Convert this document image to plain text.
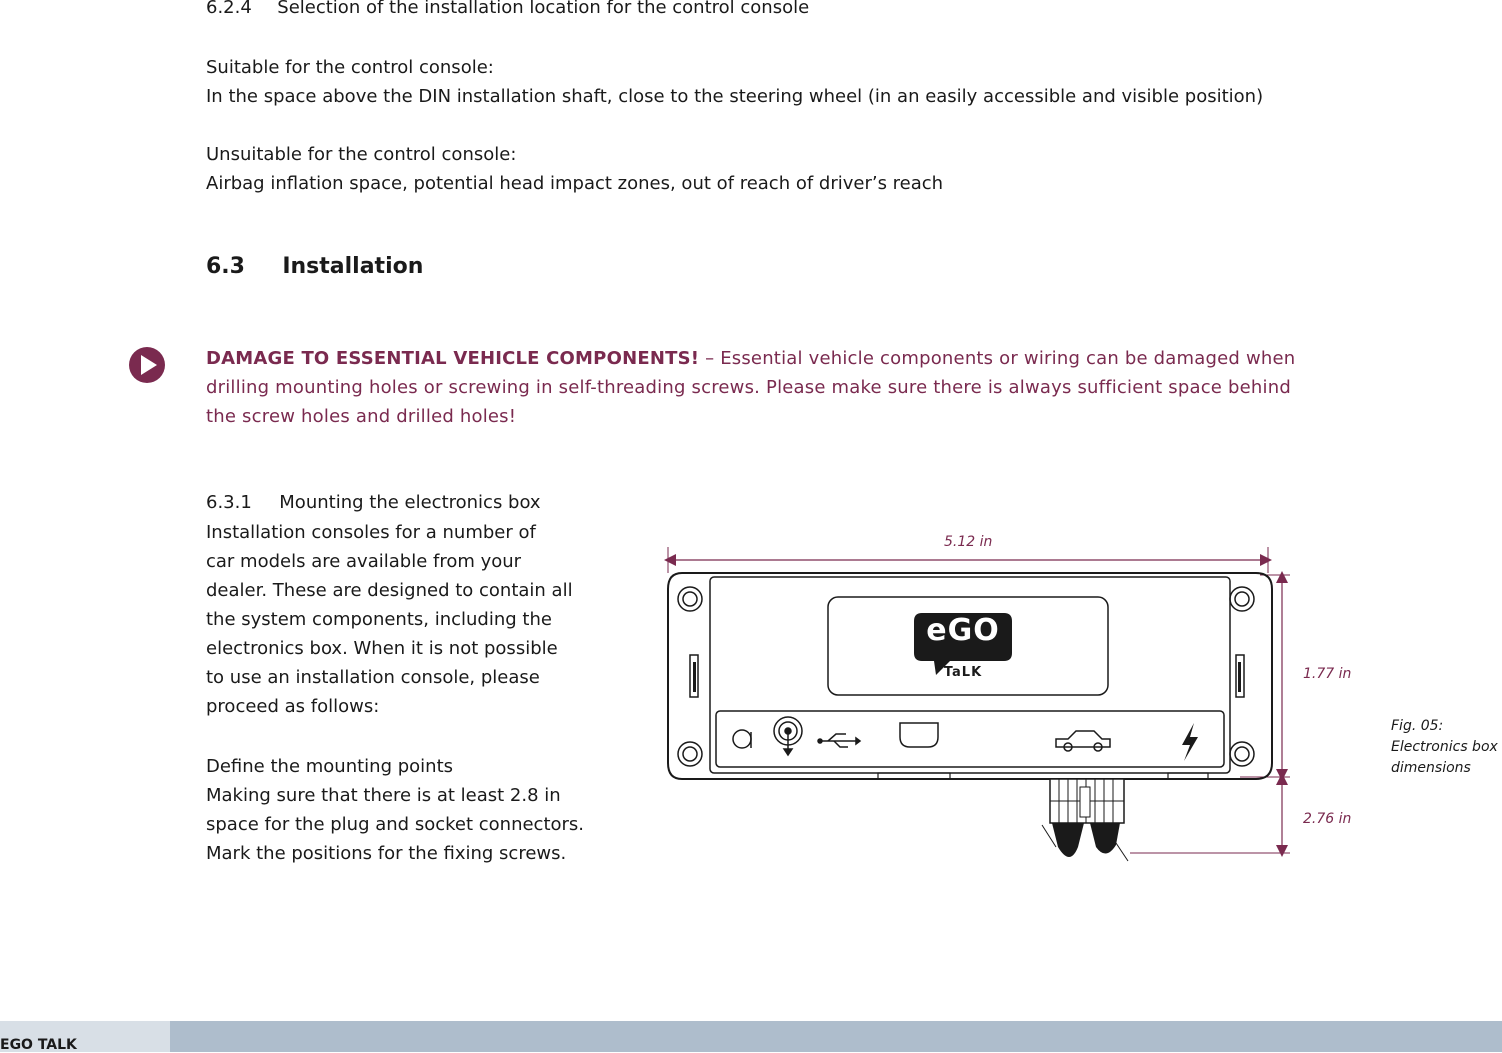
6.2.4 Selection of the installation location for the control console
Suitable for the control console:
In the space above the DIN installation shaft, close to the steering wheel (in an easily accessible and visible position)
Unsuitable for the control console:
Airbag inflation space, potential head impact zones, out of reach of driver’s reach
6.3 Installation
DAMAGE TO ESSENTIAL VEHICLE COMPONENTS! – Essential vehicle components or wiring can be damaged when
drilling mounting holes or screwing in self-threading screws. Please make sure there is always sufficient space behind
the screw holes and drilled holes!
6.3.1 Mounting the electronics box
Installation consoles for a number of
car models are available from your
dealer. These are designed to contain all
the system components, including the
electronics box. When it is not possible
to use an installation console, please
proceed as follows:
Define the mounting points
Making sure that there is at least 2.8 in
space for the plug and socket connectors.
Mark the positions for the fixing screws.
eGO
TaLK
5.12 in
1.77 in
2.76 in
Fig. 05:
Electronics box
dimensions
EGO TALK
